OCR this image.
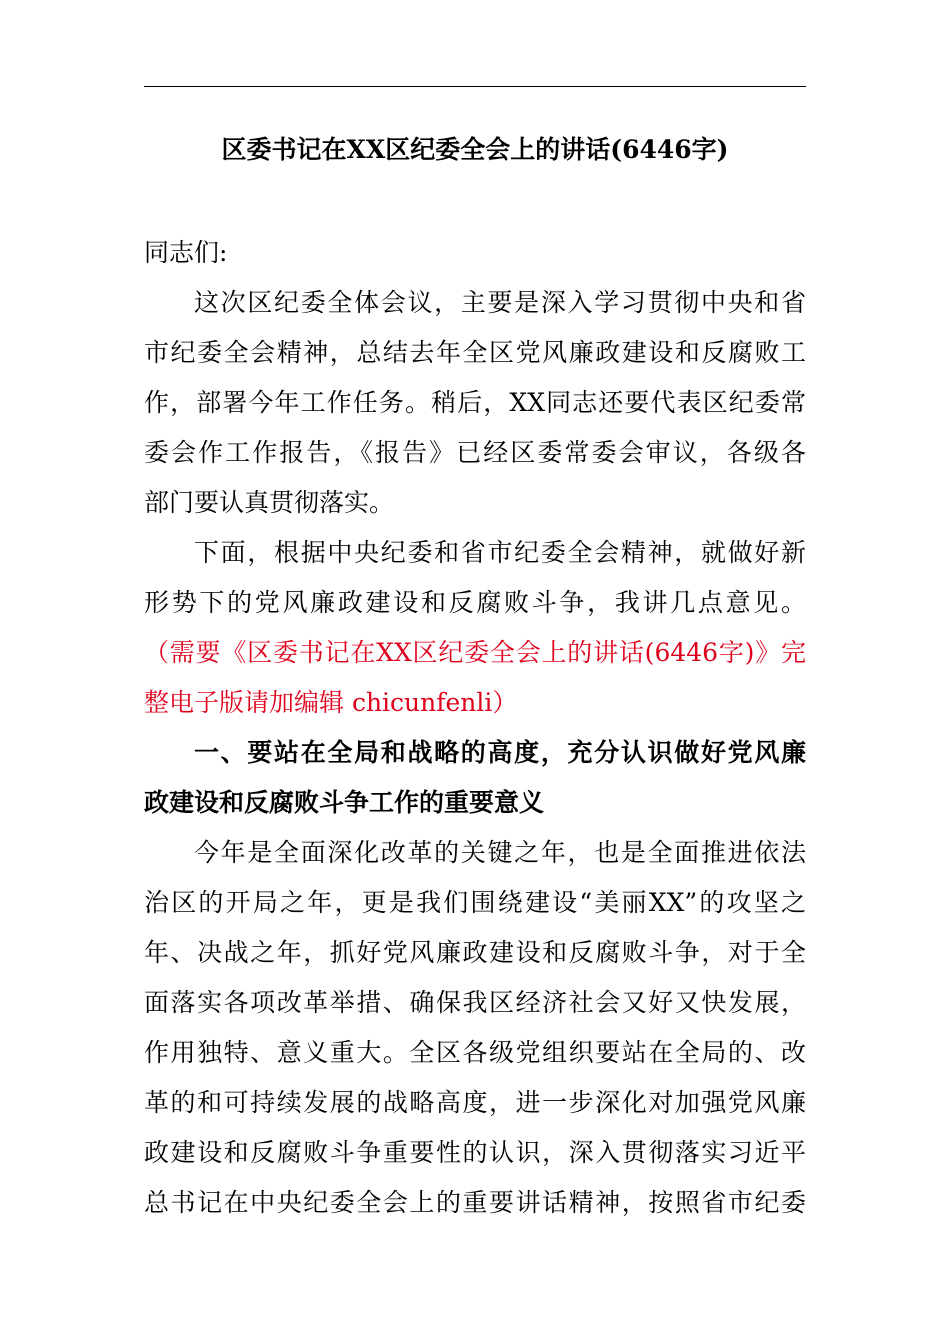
区委书记在XX区纪委全会上的讲话(6446字)
同志们:
这次区纪委全体会议，主要是深入学习贯彻中央和省
市纪委全会精神，总结去年全区党风廉政建设和反腐败工
作，部署今年工作任务。稍后，XX同志还要代表区纪委常
委会作工作报告，《报告》已经区委常委会审议，各级各
部门要认真贯彻落实。
下面，根据中央纪委和省市纪委全会精神，就做好新
形势下的党风廉政建设和反腐败斗争，我讲几点意见。
（需要《区委书记在XX区纪委全会上的讲话(6446字)》完
整电子版请加编辑 chicunfenli）
一、要站在全局和战略的高度，充分认识做好党风廉
政建设和反腐败斗争工作的重要意义
今年是全面深化改革的关键之年，也是全面推进依法
治区的开局之年，更是我们围绕建设“美丽XX”的攻坚之
年、决战之年，抓好党风廉政建设和反腐败斗争，对于全
面落实各项改革举措、确保我区经济社会又好又快发展，
作用独特、意义重大。全区各级党组织要站在全局的、改
革的和可持续发展的战略高度，进一步深化对加强党风廉
政建设和反腐败斗争重要性的认识，深入贯彻落实习近平
总书记在中央纪委全会上的重要讲话精神，按照省市纪委
